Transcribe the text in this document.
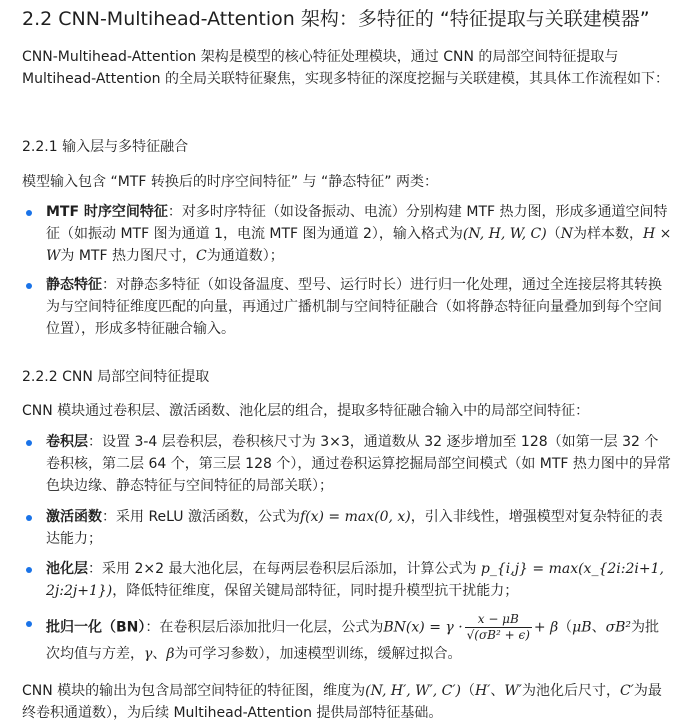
2.2 CNN-Multihead-Attention 架构：多特征的 “特征提取与关联建模器”

CNN-Multihead-Attention 架构是模型的核心特征处理模块，通过 CNN 的局部空间特征提取与 Multihead-Attention 的全局关联特征聚焦，实现多特征的深度挖掘与关联建模，其具体工作流程如下：

2.2.1 输入层与多特征融合

模型输入包含 “MTF 转换后的时序空间特征” 与 “静态特征” 两类：

MTF 时序空间特征：对多时序特征（如设备振动、电流）分别构建 MTF 热力图，形成多通道空间特征（如振动 MTF 图为通道 1，电流 MTF 图为通道 2），输入格式为(N, H, W, C)（N为样本数，H × W为 MTF 热力图尺寸，C为通道数）；
静态特征：对静态多特征（如设备温度、型号、运行时长）进行归一化处理，通过全连接层将其转换为与空间特征维度匹配的向量，再通过广播机制与空间特征融合（如将静态特征向量叠加到每个空间位置），形成多特征融合输入。
2.2.2 CNN 局部空间特征提取

CNN 模块通过卷积层、激活函数、池化层的组合，提取多特征融合输入中的局部空间特征：

卷积层：设置 3-4 层卷积层，卷积核尺寸为 3×3，通道数从 32 逐步增加至 128（如第一层 32 个卷积核，第二层 64 个，第三层 128 个），通过卷积运算挖掘局部空间模式（如 MTF 热力图中的异常色块边缘、静态特征与空间特征的局部关联）；
激活函数：采用 ReLU 激活函数，公式为f(x) = max(0, x)，引入非线性，增强模型对复杂特征的表达能力；
池化层：采用 2×2 最大池化层，在每两层卷积层后添加，计算公式为 p_{i,j} = max(x_{2i:2i+1, 2j:2j+1})，降低特征维度，保留关键局部特征，同时提升模型抗干扰能力；
批归一化（BN）：在卷积层后添加批归一化层，公式为$BN(x) = \gamma \cdot \frac{x - \mu B}{\text{√(σB² + ϵ)}} + \beta(\mu B$、σB²为批次均值与方差，γ、β为可学习参数），加速模型训练，缓解过拟合。

CNN 模块的输出为包含局部空间特征的特征图，维度为(N, H′, W′, C′)（H′、W′为池化后尺寸，C′为最终卷积通道数），为后续 Multihead-Attention 提供局部特征基础。
